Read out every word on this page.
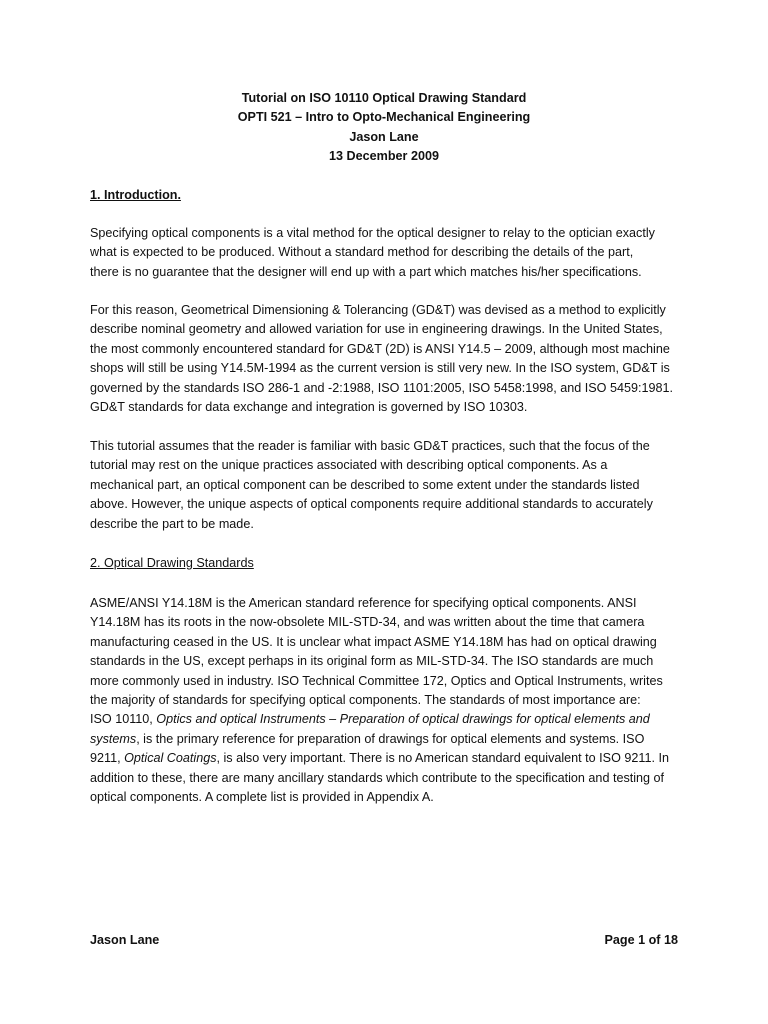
Tutorial on ISO 10110 Optical Drawing Standard
OPTI 521 – Intro to Opto-Mechanical Engineering
Jason Lane
13 December 2009
1. Introduction.
Specifying optical components is a vital method for the optical designer to relay to the optician exactly
what is expected to be produced. Without a standard method for describing the details of the part,
there is no guarantee that the designer will end up with a part which matches his/her specifications.
For this reason, Geometrical Dimensioning & Tolerancing (GD&T) was devised as a method to explicitly
describe nominal geometry and allowed variation for use in engineering drawings. In the United States,
the most commonly encountered standard for GD&T (2D) is ANSI Y14.5 – 2009, although most machine
shops will still be using Y14.5M-1994 as the current version is still very new. In the ISO system, GD&T is
governed by the standards ISO 286-1 and -2:1988, ISO 1101:2005, ISO 5458:1998, and ISO 5459:1981.
GD&T standards for data exchange and integration is governed by ISO 10303.
This tutorial assumes that the reader is familiar with basic GD&T practices, such that the focus of the
tutorial may rest on the unique practices associated with describing optical components. As a
mechanical part, an optical component can be described to some extent under the standards listed
above. However, the unique aspects of optical components require additional standards to accurately
describe the part to be made.
2. Optical Drawing Standards
ASME/ANSI Y14.18M is the American standard reference for specifying optical components. ANSI
Y14.18M has its roots in the now-obsolete MIL-STD-34, and was written about the time that camera
manufacturing ceased in the US. It is unclear what impact ASME Y14.18M has had on optical drawing
standards in the US, except perhaps in its original form as MIL-STD-34. The ISO standards are much
more commonly used in industry. ISO Technical Committee 172, Optics and Optical Instruments, writes
the majority of standards for specifying optical components. The standards of most importance are:
ISO 10110, Optics and optical Instruments – Preparation of optical drawings for optical elements and
systems, is the primary reference for preparation of drawings for optical elements and systems. ISO
9211, Optical Coatings, is also very important. There is no American standard equivalent to ISO 9211. In
addition to these, there are many ancillary standards which contribute to the specification and testing of
optical components. A complete list is provided in Appendix A.
Jason Lane	Page 1 of 18
